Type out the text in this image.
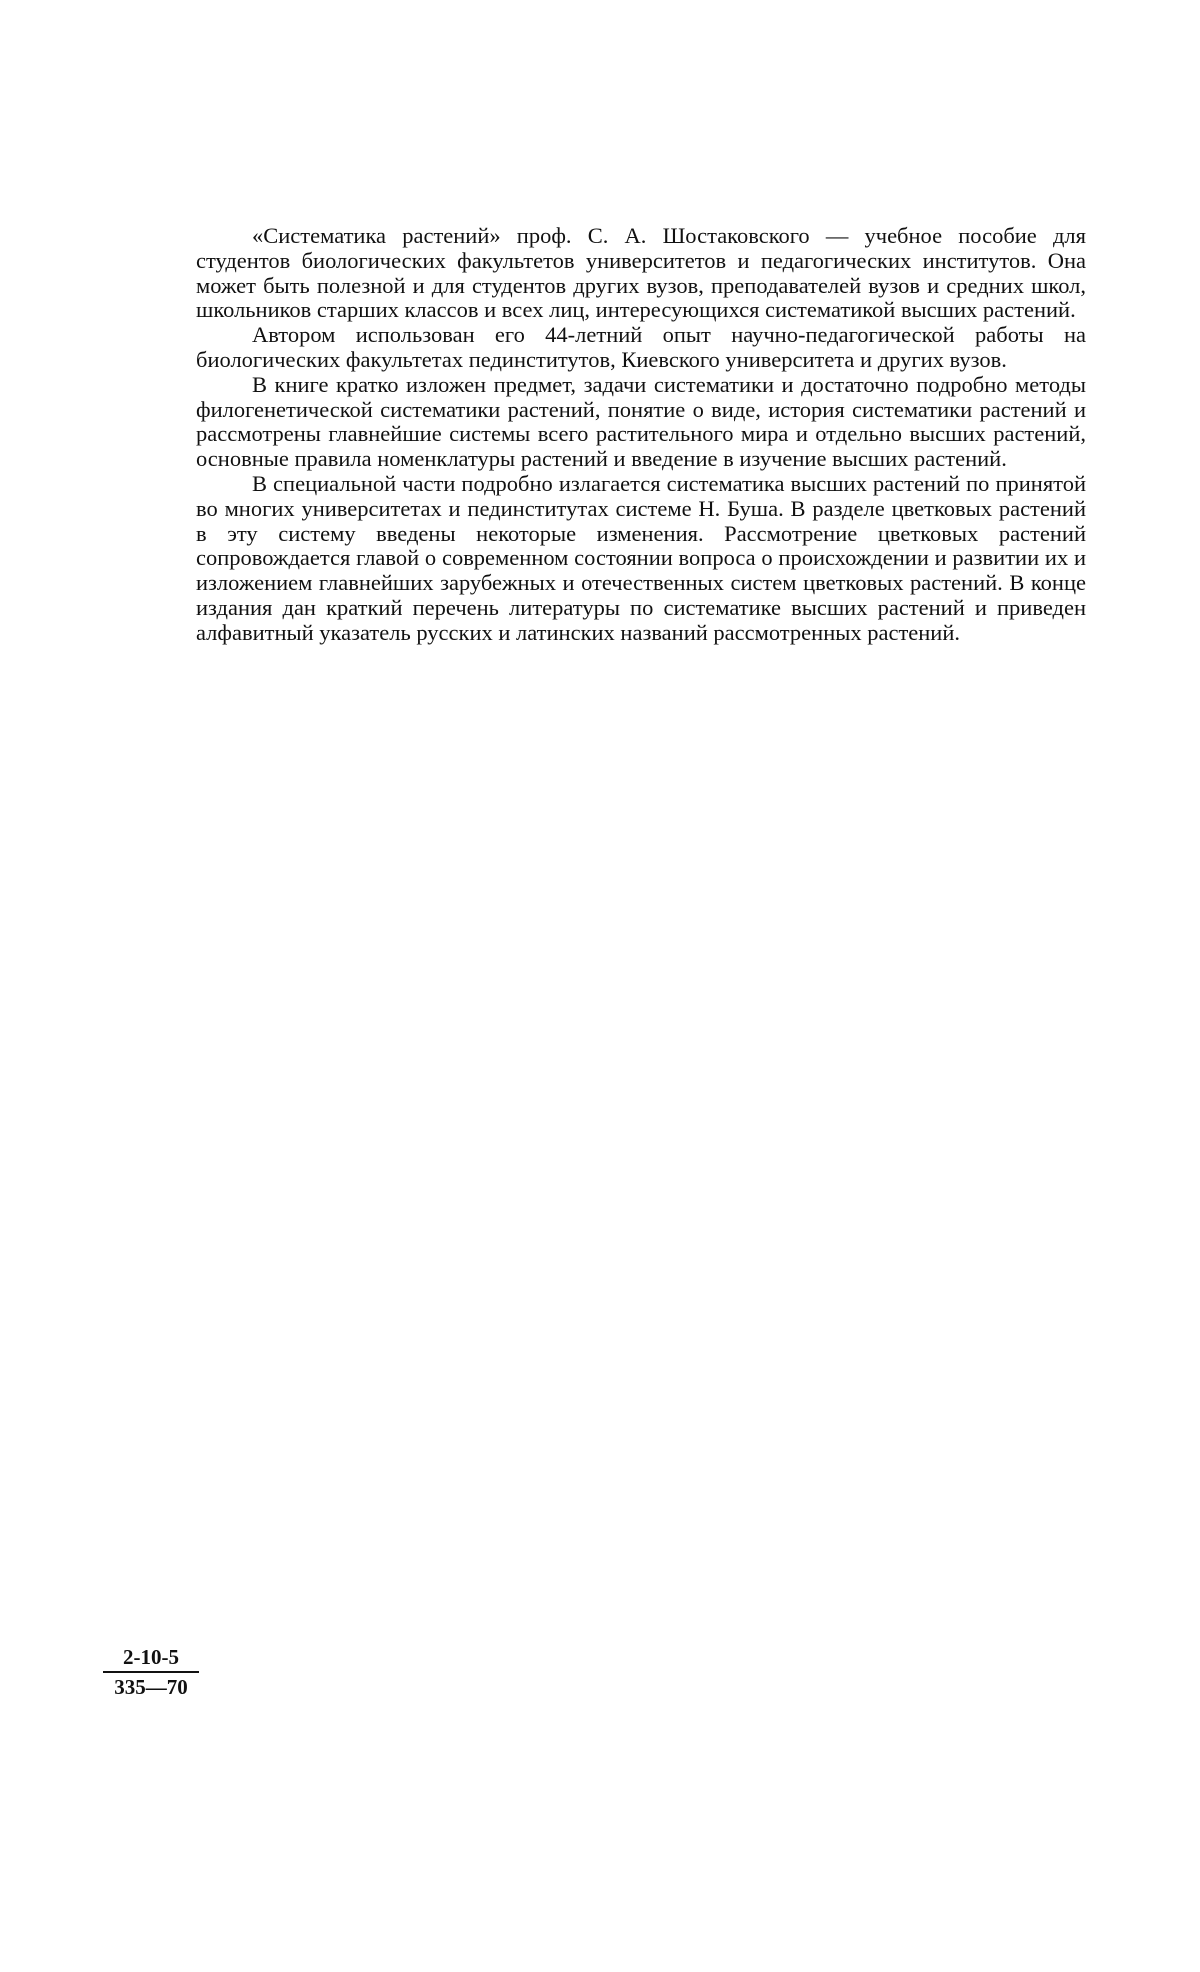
«Систематика растений» проф. С. А. Шостаковского — учебное пособие для студентов биологических факультетов университетов и педагогических институтов. Она может быть полезной и для студентов других вузов, преподавателей вузов и средних школ, школьников старших классов и всех лиц, интересующихся систематикой высших растений.

Автором использован его 44-летний опыт научно-педагогической работы на биологических факультетах пединститутов, Киевского университета и других вузов.

В книге кратко изложен предмет, задачи систематики и достаточно подробно методы филогенетической систематики растений, понятие о виде, история систематики растений и рассмотрены главнейшие системы всего растительного мира и отдельно высших растений, основные правила номенклатуры растений и введение в изучение высших растений.

В специальной части подробно излагается систематика высших растений по принятой во многих университетах и пединститутах системе Н. Буша. В разделе цветковых растений в эту систему введены некоторые изменения. Рассмотрение цветковых растений сопровождается главой о современном состоянии вопроса о происхождении и развитии их и изложением главнейших зарубежных и отечественных систем цветковых растений. В конце издания дан краткий перечень литературы по систематике высших растений и приведен алфавитный указатель русских и латинских названий рассмотренных растений.

2-10-5
335—70
